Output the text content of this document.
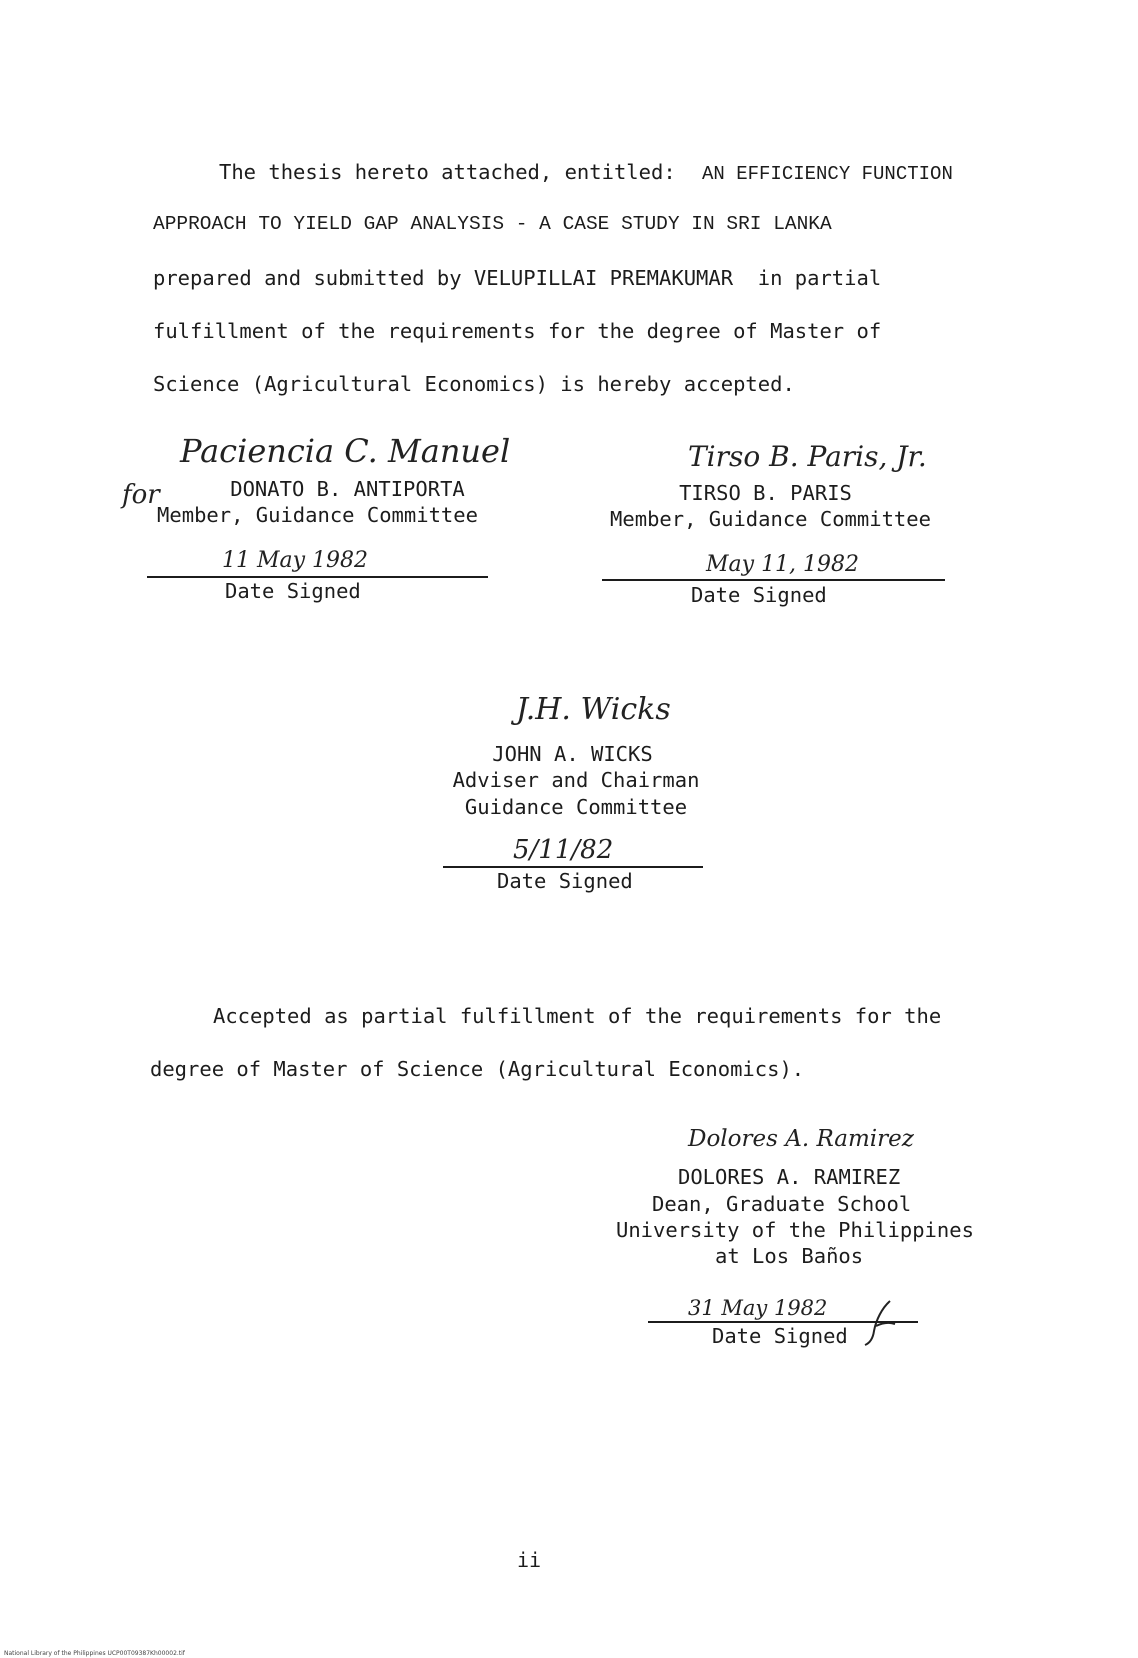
The thesis hereto attached, entitled: AN EFFICIENCY FUNCTION
APPROACH TO YIELD GAP ANALYSIS - A CASE STUDY IN SRI LANKA
prepared and submitted by VELUPILLAI PREMAKUMAR  in partial
fulfillment of the requirements for the degree of Master of
Science (Agricultural Economics) is hereby accepted.
Paciencia C. Manuel
for	DONATO B. ANTIPORTA
Member, Guidance Committee
11 May 1982
Date Signed
Tirso B. Paris, Jr.
TIRSO B. PARIS
Member, Guidance Committee
May 11, 1982
Date Signed
J.H. Wicks
JOHN A. WICKS
Adviser and Chairman
Guidance Committee
5/11/82
Date Signed
Accepted as partial fulfillment of the requirements for the
degree of Master of Science (Agricultural Economics).
Dolores A. Ramirez
DOLORES A. RAMIREZ
Dean, Graduate School
University of the Philippines
at Los Baños
31 May 1982
Date Signed
ii
National Library of the Philippines UCP00T09387Kh00002.tif
